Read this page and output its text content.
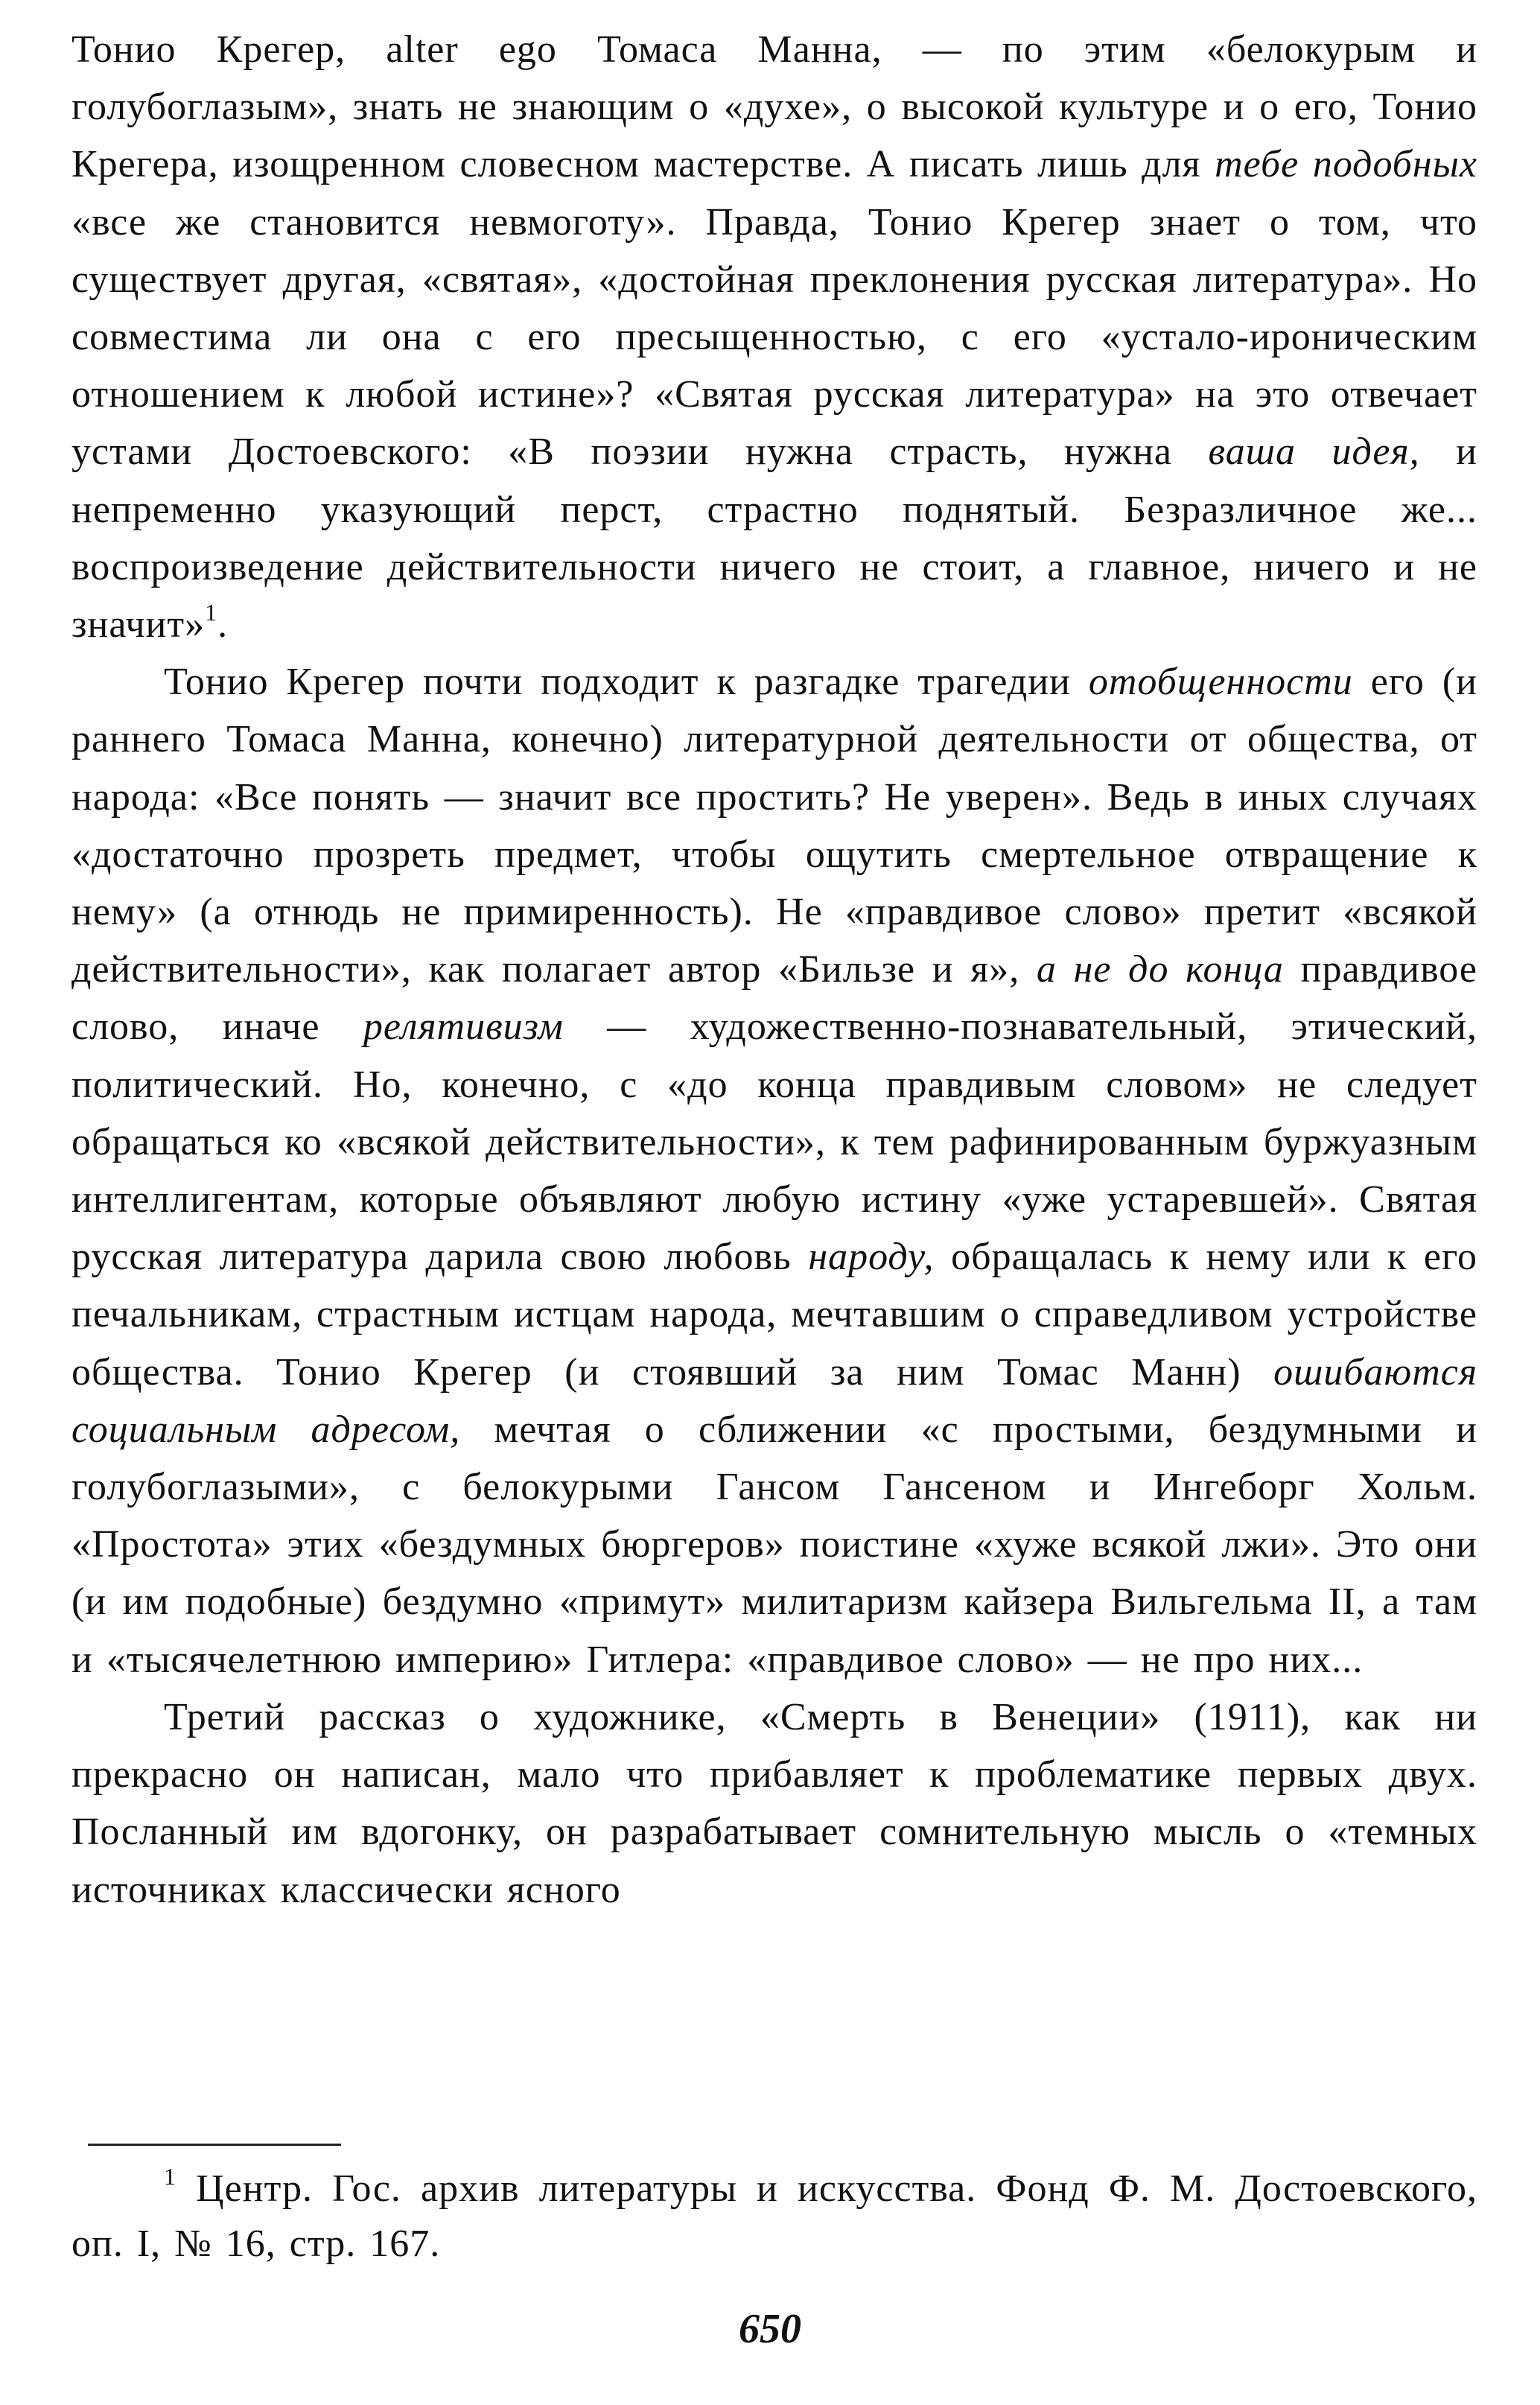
Тонио Крегер, alter ego Томаса Манна, — по этим «белокурым и голубоглазым», знать не знающим о «духе», о высокой культуре и о его, Тонио Крегера, изощренном словесном мастерстве. А писать лишь для тебе подобных «все же становится невмоготу». Правда, Тонио Крегер знает о том, что существует другая, «святая», «достойная преклонения русская литература». Но совместима ли она с его пресыщенностью, с его «устало-ироническим отношением к любой истине»? «Святая русская литература» на это отвечает устами Достоевского: «В поэзии нужна страсть, нужна ваша идея, и непременно указующий перст, страстно поднятый. Безразличное же... воспроизведение действительности ничего не стоит, а главное, ничего и не значит»$^1$.

Тонио Крегер почти подходит к разгадке трагедии отобщенности его (и раннего Томаса Манна, конечно) литературной деятельности от общества, от народа: «Все понять — значит все простить? Не уверен». Ведь в иных случаях «достаточно прозреть предмет, чтобы ощутить смертельное отвращение к нему» (а отнюдь не примиренность). Не «правдивое слово» претит «всякой действительности», как полагает автор «Бильзе и я», а не до конца правдивое слово, иначе релятивизм — художественно-познавательный, этический, политический. Но, конечно, с «до конца правдивым словом» не следует обращаться ко «всякой действительности», к тем рафинированным буржуазным интеллигентам, которые объявляют любую истину «уже устаревшей». Святая русская литература дарила свою любовь народу, обращалась к нему или к его печальникам, страстным истцам народа, мечтавшим о справедливом устройстве общества. Тонио Крегер (и стоявший за ним Томас Манн) ошибаются социальным адресом, мечтая о сближении «с простыми, бездумными и голубоглазыми», с белокурыми Гансом Гансеном и Ингеборг Хольм. «Простота» этих «бездумных бюргеров» поистине «хуже всякой лжи». Это они (и им подобные) бездумно «примут» милитаризм кайзера Вильгельма II, а там и «тысячелетнюю империю» Гитлера: «правдивое слово» — не про них...

Третий рассказ о художнике, «Смерть в Венеции» (1911), как ни прекрасно он написан, мало что прибавляет к проблематике первых двух. Посланный им вдогонку, он разрабатывает сомнительную мысль о «темных источниках классически ясного

$^1$ Центр. Гос. архив литературы и искусства. Фонд Ф. М. Достоевского, оп. I, № 16, стр. 167.

650
